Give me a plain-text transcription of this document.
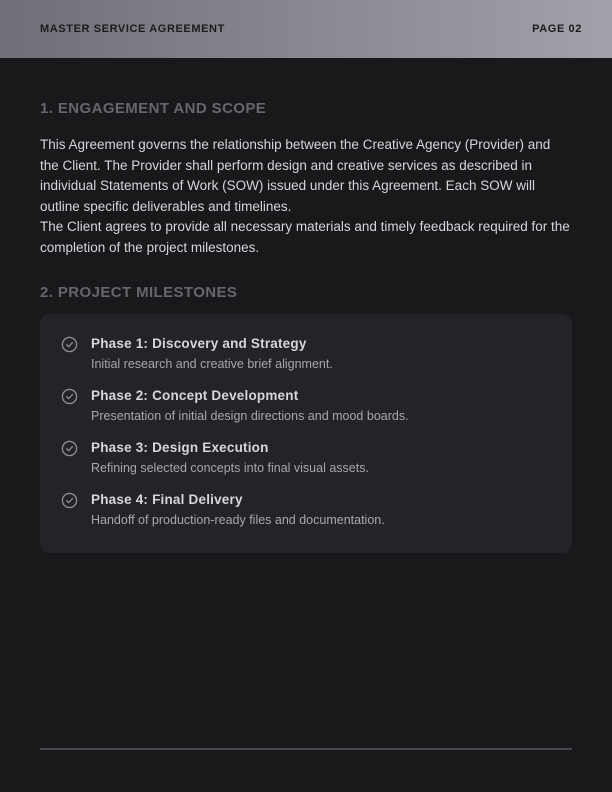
MASTER SERVICE AGREEMENT	PAGE 02
1. ENGAGEMENT AND SCOPE

This Agreement governs the relationship between the Creative Agency (Provider) and the Client. The Provider shall perform design and creative services as described in individual Statements of Work (SOW) issued under this Agreement. Each SOW will outline specific deliverables and timelines.

The Client agrees to provide all necessary materials and timely feedback required for the completion of the project milestones.

2. PROJECT MILESTONES
Phase 1: Discovery and Strategy
Initial research and creative brief alignment.
Phase 2: Concept Development
Presentation of initial design directions and mood boards.
Phase 3: Design Execution
Refining selected concepts into final visual assets.
Phase 4: Final Delivery
Handoff of production-ready files and documentation.
